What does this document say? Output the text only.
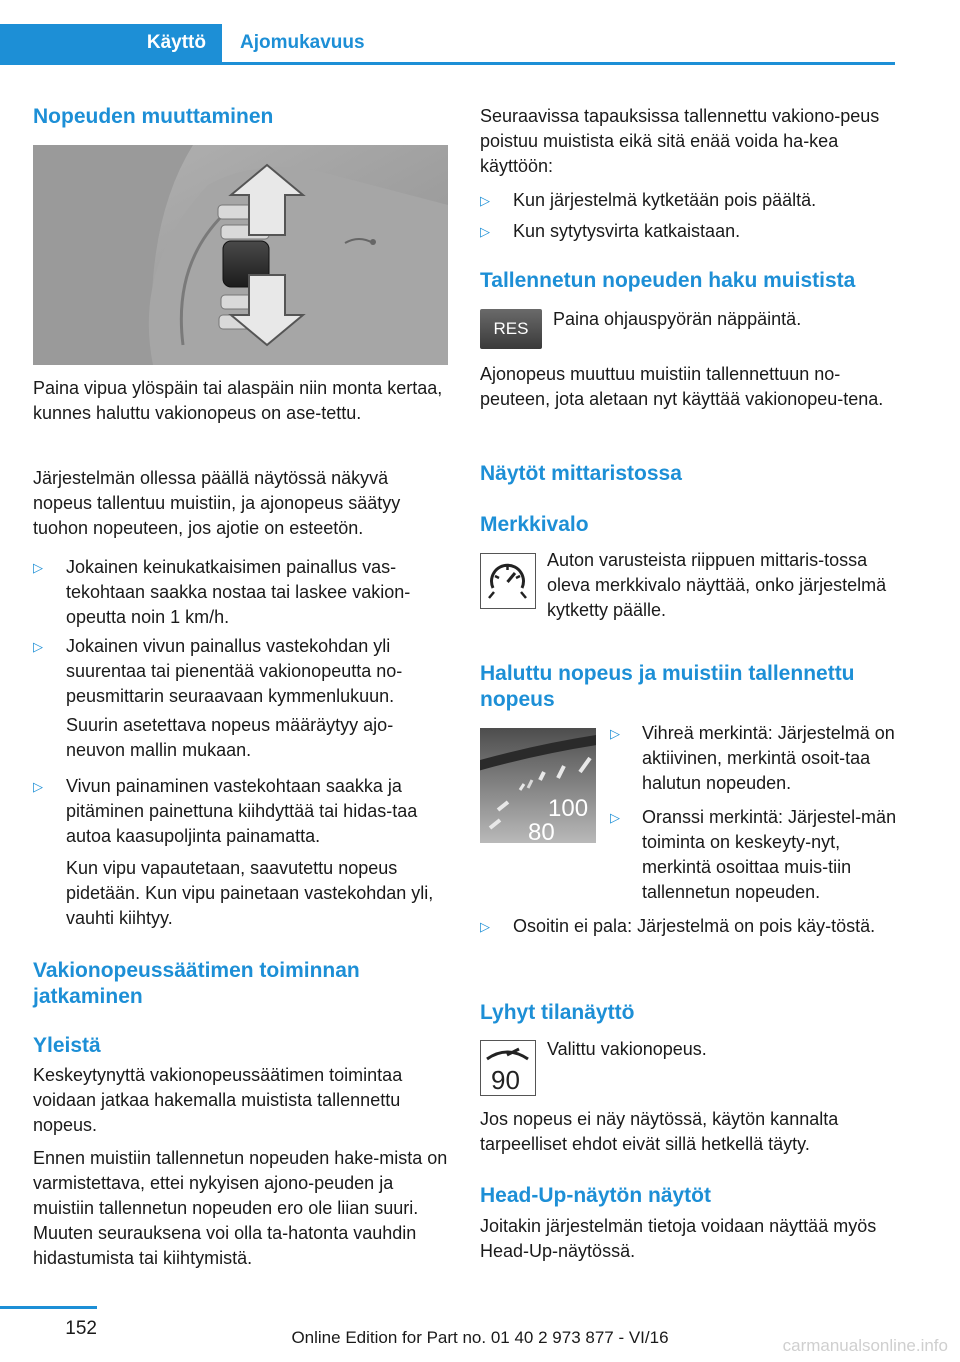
Käyttö	Ajomukavuus
Nopeuden muuttaminen

Paina vipua ylöspäin tai alaspäin niin monta kertaa, kunnes haluttu vakionopeus on ase-tettu.

Järjestelmän ollessa päällä näytössä näkyvä nopeus tallentuu muistiin, ja ajonopeus säätyy tuohon nopeuteen, jos ajotie on esteetön.

▷ Jokainen keinukatkaisimen painallus vas-tekohtaan saakka nostaa tai laskee vakion-opeutta noin 1 km/h.
▷ Jokainen vivun painallus vastekohdan yli suurentaa tai pienentää vakionopeutta no-peusmittarin seuraavaan kymmenlukuun.
Suurin asetettava nopeus määräytyy ajo-neuvon mallin mukaan.
▷ Vivun painaminen vastekohtaan saakka ja pitäminen painettuna kiihdyttää tai hidas-taa autoa kaasupoljinta painamatta.
Kun vipu vapautetaan, saavutettu nopeus pidetään. Kun vipu painetaan vastekohdan yli, vauhti kiihtyy.
Vakionopeussäätimen toiminnan jatkaminen
Yleistä

Keskeytynyttä vakionopeussäätimen toimintaa voidaan jatkaa hakemalla muistista tallennettu nopeus.

Ennen muistiin tallennetun nopeuden hake-mista on varmistettava, ettei nykyisen ajono-peuden ja muistiin tallennetun nopeuden ero ole liian suuri. Muuten seurauksena voi olla ta-hatonta vauhdin hidastumista tai kiihtymistä.

Seuraavissa tapauksissa tallennettu vakiono-peus poistuu muistista eikä sitä enää voida ha-kea käyttöön:

▷ Kun järjestelmä kytketään pois päältä.
▷ Kun sytytysvirta katkaistaan.
Tallennetun nopeuden haku muistista
RES	Paina ohjauspyörän näppäintä.

Ajonopeus muuttuu muistiin tallennettuun no-peuteen, jota aletaan nyt käyttää vakionopeu-tena.

Näytöt mittaristossa
Merkkivalo
Auton varusteista riippuen mittaris-tossa oleva merkkivalo näyttää, onko järjestelmä kytketty päälle.
Haluttu nopeus ja muistiin tallennettu nopeus
100
80
▷ Vihreä merkintä: Järjestelmä on aktiivinen, merkintä osoit-taa halutun nopeuden.
▷ Oranssi merkintä: Järjestel-män toiminta on keskeyty-nyt, merkintä osoittaa muis-tiin tallennetun nopeuden.
▷ Osoitin ei pala: Järjestelmä on pois käy-töstä.
Lyhyt tilanäyttö
90
Valittu vakionopeus.

Jos nopeus ei näy näytössä, käytön kannalta tarpeelliset ehdot eivät sillä hetkellä täyty.

Head-Up-näytön näytöt

Joitakin järjestelmän tietoja voidaan näyttää myös Head-Up-näytössä.

152	Online Edition for Part no. 01 40 2 973 877 - VI/16	carmanualsonline.info
